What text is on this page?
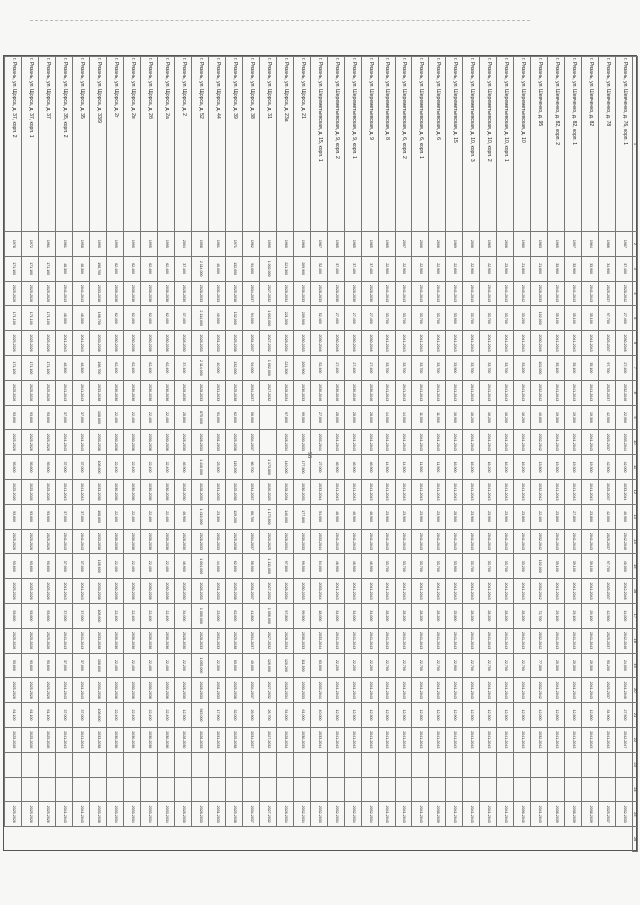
96
1	2	3	4	5	6	7	8	9	10	11	12	13	14	15	16	17	18	19	20	21	22	23	24	25	26
г. Рязань, ул. Шевченко, д. 76, корп. 1	1987	37,400	2028-2042	27,400	2030-2046	27,400	2032-2046	22,900	2033-2044	42,000	2033-2044	40,900	2042-2046	40,000	2042-2046	14,000	2042-2046	24,000	2041-2046	27,500	2042-2047			2032-2033	
г. Рязань, ул. Шевченко, д. 78	1986	34,900	2025-2037	97,700	2025-2037	97,700	2025-2037	42,500	2025-2037	42,500	2025-2037	42,500	2025-2037	97,700	2025-2037	42,500	2025-2037	93,200	2025-2037	34,900	2041-2043			2025-2037	
г. Рязань, ул. Шевченко, д. 82	1964	33,900	2041-2043	35,100	2041-2043	35,100	2041-2043	19,300	2041-2043	19,300	2041-2043	23,800	2041-2043	39,100	2041-2043	29,100	2041-2043	20,300	2041-2043	12,800	2041-2043			2038-2039	
г. Рязань, ул. Шевченко, д. 82, корп. 1	1997	33,900	2041-2043	35,100	2041-2043	35,100	2041-2043	19,300	2041-2043	19,300	2041-2043	27,800	2041-2043	39,100	2041-2043	29,100	2041-2043	20,300	2041-2043	12,800	2041-2043			2038-2039	
г. Рязань, ул. Шевченко, д. 82, корп. 2	1965	33,900	2041-2043	35,100	2041-2043	35,100	2041-2043	19,300	2041-2043	19,300	2041-2043	23,800	2041-2043	39,100	2041-2043	29,100	2041-2043	20,300	2041-2043	12,800	2041-2043			2038-2039	
г. Рязань, ул. Шевченко, д. 95	1983	21,600	2028-2033	102,000	2030-2046	102,000	2032-2042	40,600	2032-2042	13,800	2032-2042	22,400	2032-2042	102,000	2032-2042	72,700	2032-2042	77,300	2032-2042	42,000	2032-2042			2041-2043	
г. Рязань, ул. Шереметьевская, д. 10	1980	21,800	2040-2042	33,200	2041-2043	33,200	2041-2043	16,200	2041-2043	16,200	2041-2043	23,800	2041-2043	33,200	2041-2043	28,200	2041-2043	22,700	2041-2043	12,300	2041-2043			2036-2040	
г. Рязань, ул. Шереметьевская, д. 10, корп. 1	2006	23,900	2041-2043	33,700	2041-2043	33,700	2041-2043	16,200	2041-2043	16,200	2041-2043	23,900	2041-2043	33,700	2041-2043	28,200	2041-2043	22,700	2041-2043	12,300	2041-2043			2041-2043	
г. Рязань, ул. Шереметьевская, д. 10, корп. 2	1965	22,900	2041-2043	33,700	2041-2043	33,700	2041-2043	16,200	2041-2043	16,200	2041-2043	23,900	2041-2043	33,700	2041-2043	28,200	2041-2043	22,700	2041-2043	12,300	2041-2043			2041-2043	
г. Рязань, ул. Шереметьевская, д. 10, корп. 3	2006	22,900	2041-2043	33,700	2041-2043	33,700	2041-2043	16,200	2041-2043	16,200	2041-2043	23,900	2041-2043	33,700	2041-2043	28,200	2041-2043	22,700	2041-2043	12,300	2041-2043			2041-2043	
г. Рязань, ул. Шереметьевская, д. 15	1969	22,600	2041-2043	33,900	2041-2043	33,900	2041-2043	16,900	2041-2043	16,900	2041-2043	28,500	2041-2043	33,900	2041-2043	25,800	2041-2043	22,900	2041-2043	12,900	2041-2043			2041-2043	
г. Рязань, ул. Шереметьевская, д. 6	2006	22,900	2041-2043	33,700	2041-2043	33,700	2041-2043	11,500	2041-2043	11,500	2041-2043	23,900	2041-2043	33,700	2041-2043	28,200	2041-2043	22,700	2041-2043	12,300	2041-2043			2038-2039	
г. Рязань, ул. Шереметьевская, д. 6, корп. 1	2006	22,900	2041-2043	33,700	2041-2043	33,700	2041-2043	11,500	2041-2043	11,500	2041-2043	23,900	2041-2043	33,700	2041-2043	28,200	2041-2043	22,700	2041-2043	12,300	2041-2043			2041-2043	
г. Рязань, ул. Шереметьевская, д. 6, корп. 2	2007	22,900	2041-2043	33,700	2041-2043	33,700	2041-2043	14,500	2041-2043	14,500	2041-2043	23,900	2041-2043	33,700	2041-2043	28,200	2041-2043	22,700	2041-2043	12,300	2041-2043			2041-2043	
г. Рязань, ул. Шереметьевская, д. 8	1965	22,900	2041-2043	33,700	2041-2043	33,700	2041-2043	14,500	2041-2043	14,500	2041-2043	23,900	2041-2043	33,700	2041-2043	28,200	2041-2043	22,700	2041-2043	12,300	2041-2043			2041-2043	
г. Рязань, ул. Шереметьевская, д. 9	1985	37,400	2028-2030	27,400	2030-2046	27,400	2030-2046	28,000	2041-2043	46,900	2041-2043	46,900	2041-2043	46,900	2041-2043	34,000	2041-2043	22,200	2041-2043	12,300	2041-2043			2032-2034	
г. Рязань, ул. Шереметьевская, д. 9, корп. 1	1985	37,400	2028-2030	27,400	2030-2046	27,400	2030-2046	28,000	2041-2043	46,900	2041-2043	46,900	2041-2043	46,900	2041-2043	34,000	2041-2043	22,200	2041-2043	12,300	2041-2043			2032-2034	
г. Рязань, ул. Шереметьевская, д. 9, корп. 2	1985	37,400	2028-2030	27,400	2030-2046	27,400	2030-2046	28,000	2041-2043	46,900	2041-2043	46,900	2041-2043	46,900	2041-2043	34,000	2041-2043	22,200	2041-2043	12,300	2041-2043			2032-2034	
г. Рязань, ул. Шереметьевская, д. 15, корп. 1	1987	52,400	2028-2033	52,400	2030-2046	52,400	2030-2046	27,000	2033-2044	27,000	2033-2044	54,000	2033-2044	54,000	2033-2044	18,000	2033-2044	63,000	2033-2044	40,000	2033-2044			2032-2033	
г. Рязань, ул. Щорса, д. 21	1968	209,900	2030-2033	209,900	2030-2033	209,900	2030-2033	99,500	2030-2033	177,800	2030-2033	177,800	2030-2033	99,500	2030-2033	99,500	2030-2033	111,500	2030-2033	61,000	2030-2033			2032-2034	
г. Рязань, ул. Щорса, д. 23а	1960	221,300	2028-2034	221,300	2028-2034	221,300	2028-2034	97,800	2028-2034	140,000	2028-2034	140,000	2028-2034	97,800	2028-2034	97,800	2028-2034	120,200	2028-2034	54,000	2028-2034			2028-2034	
г. Рязань, ул. Щорса, д. 31	1995	1 002,000	2027-2032	1 002,000	2027-2032	1 002,000	2027-2032			1 173,800	2020-2025	1 173,800	2020-2025	1 111,000	2027-2032	1 056,000	2027-2032	126,000	2027-2032	26,700	2027-2032			2027-2032	
г. Рязань, ул. Щорса, д. 38	1962	94,000	2034-2037	94,000	2034-2037	94,000	2034-2037	56,900	2034-2037	66,700	2034-2037	66,700	2034-2037	56,900	2034-2037	41,800	2034-2037	49,000	2034-2037	26,900	2034-2037			2034-2037	
г. Рязань, ул. Щорса, д. 39	1971	132,000	2025-2038	132,000	2025-2038	132,000	2025-2038	62,600	2025-2038	119,200	2025-2038	119,200	2025-2038	62,600	2025-2038	62,600	2025-2038	63,000	2025-2038	32,000	2025-2038			2025-2038	
г. Рязань, ул. Щорса, д. 44	1961	40,000	2031-2033	40,000	2031-2033	40,000	2031-2033	91,000	2031-2033	23,300	2031-2033	23,300	2031-2033	44,000	2031-2033	23,000	2031-2033	22,300	2031-2033	17,900	2031-2033			2031-2033	
г. Рязань, ул. Щорса, д. 52	1958	2 114,000	2028-2033	2 114,000	2028-2033	2 114,000	2028-2033	875,000	2028-2033	1 416,000	2028-2033	1 416,000	2028-2033	1 004,000	2028-2033	1 000,000	2028-2033	1 055,000	2028-2033	945,000	2028-2033			2028-2033	
г. Рязань, ул. Щорса, д. 2	2004	37,400	2028-2030	37,400	2028-2030	37,400	2028-2030	28,800	2028-2030	46,900	2028-2030	46,900	2028-2030	46,900	2028-2030	34,000	2028-2030	22,200	2028-2030	12,300	2028-2030			2028-2030	
г. Рязань, ул. Щорса, д. 2а	1995	62,400	2030-2036	62,400	2030-2036	62,400	2030-2036	22,400	2030-2036	22,400	2030-2036	22,400	2030-2036	22,400	2030-2036	22,400	2030-2036	22,400	2030-2036	22,400	2030-2036			2033-2034	
г. Рязань, ул. Щорса, д. 2б	1995	62,400	2030-2036	62,400	2030-2036	62,400	2030-2036	22,400	2030-2036	22,400	2030-2036	22,400	2030-2036	22,400	2030-2036	22,400	2030-2036	22,400	2030-2036	22,400	2030-2036			2033-2034	
г. Рязань, ул. Щорса, д. 2в	1995	62,400	2030-2036	62,400	2030-2036	62,400	2030-2036	22,400	2030-2036	22,400	2030-2036	22,400	2030-2036	22,400	2030-2036	22,400	2030-2036	22,400	2030-2036	22,400	2030-2036			2033-2034	
г. Рязань, ул. Щорса, д. 2г	1995	62,400	2030-2036	62,400	2030-2036	62,400	2030-2036	22,400	2030-2036	22,400	2030-2036	22,400	2030-2036	22,400	2030-2036	22,400	2030-2036	22,400	2030-2036	22,400	2030-2036			2033-2034	
г. Рязань, ул. Щорса, д. 33/9	1995	198,700	2033-2038	198,700	2033-2038	198,700	2033-2038	108,600	2033-2038	108,600	2033-2038	108,600	2033-2038	108,600	2033-2038	108,600	2033-2038	108,600	2033-2038	108,600	2033-2038			2033-2038	
г. Рязань, ул. Щорса, д. 35	1958	48,300	2041-2043	48,300	2041-2043	48,300	2041-2043	37,000	2041-2043	37,000	2041-2043	37,000	2041-2043	37,000	2041-2043	37,000	2041-2043	37,000	2041-2043	37,000	2041-2043			2041-2043	
г. Рязань, ул. Щорса, д. 35, корп. 2	1961	48,300	2041-2043	48,300	2041-2043	48,300	2041-2043	37,000	2041-2043	37,000	2041-2043	37,000	2041-2043	37,000	2041-2043	37,000	2041-2043	37,000	2041-2043	37,000	2041-2043			2041-2043	
г. Рязань, ул. Щорса, д. 37	1961	171,100	2025-2026	171,100	2025-2026	171,100	2025-2026	93,600	2025-2026	93,600	2025-2026	93,600	2025-2026	93,600	2025-2026	93,600	2025-2026	93,600	2025-2026	61,100	2025-2026			2025-2026	
г. Рязань, ул. Щорса, д. 37, корп. 1	1972	171,100	2025-2026	171,100	2025-2026	171,100	2025-2026	93,600	2025-2026	93,600	2025-2026	93,600	2025-2026	93,600	2025-2026	93,600	2025-2026	93,600	2025-2026	61,100	2025-2026			2025-2026	
г. Рязань, ул. Щорса, д. 37, корп. 2	1978	171,100	2025-2026	171,100	2025-2026	171,100	2025-2026	93,600	2025-2026	93,600	2025-2026	93,600	2025-2026	93,600	2025-2026	93,600	2025-2026	93,600	2025-2026	61,100	2025-2026			2025-2026	
